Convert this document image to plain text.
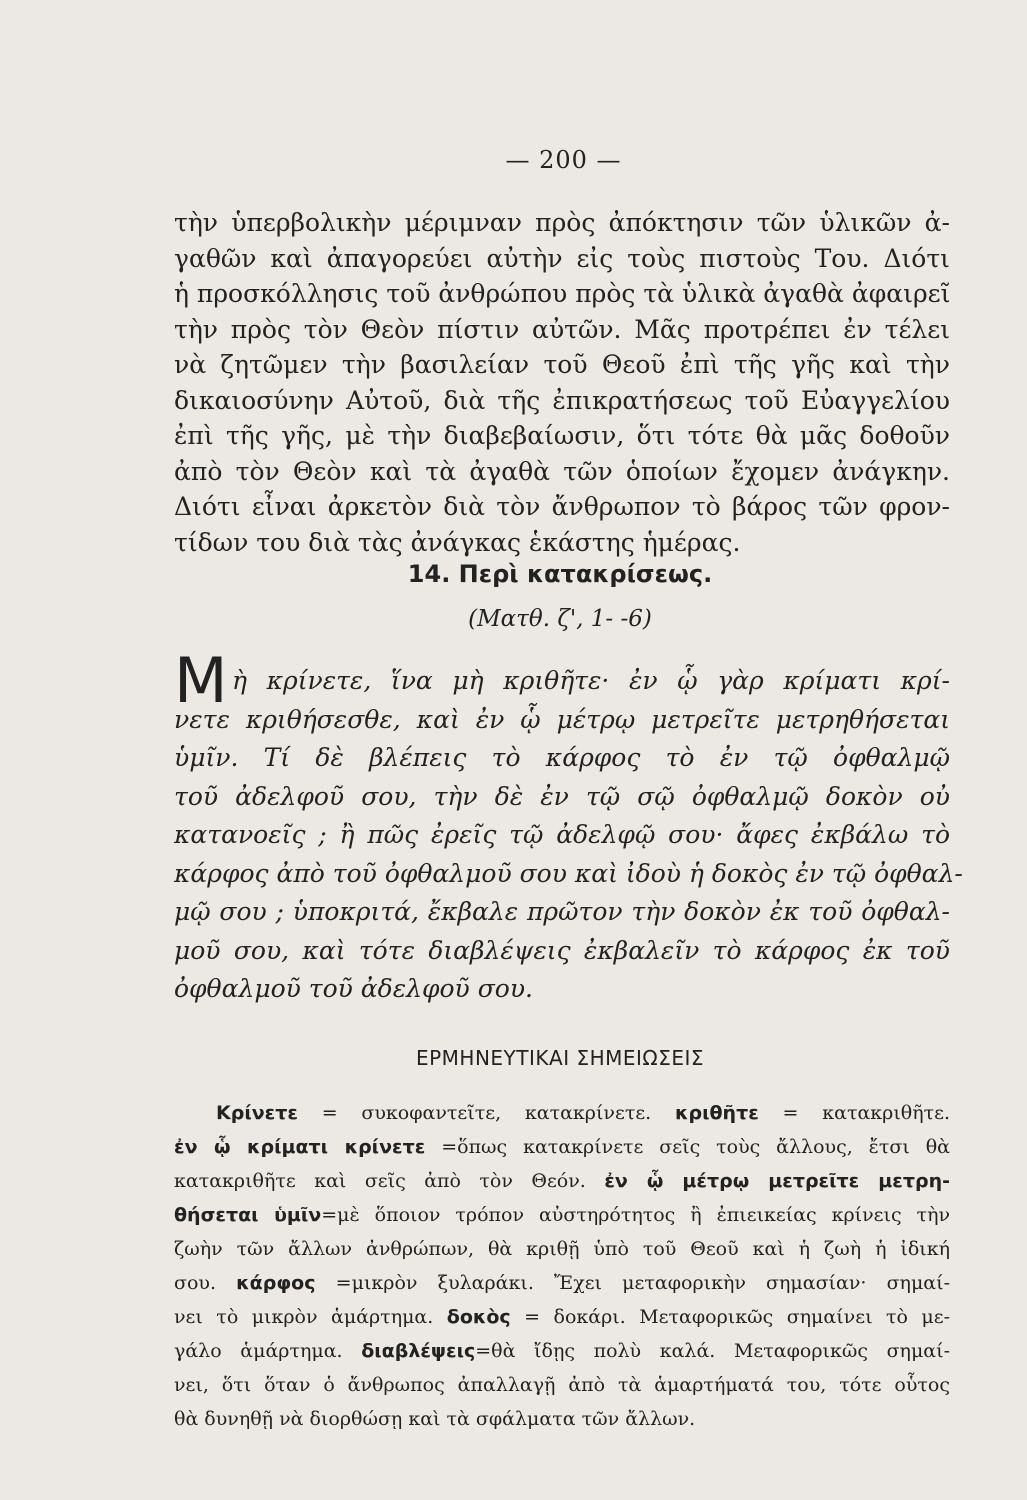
— 200 —
τὴν ὑπερβολικὴν μέριμναν πρὸς ἀπόκτησιν τῶν ὑλικῶν ἀ-
γαθῶν καὶ ἀπαγορεύει αὐτὴν εἰς τοὺς πιστοὺς Του. Διότι
ἡ προσκόλλησις τοῦ ἀνθρώπου πρὸς τὰ ὑλικὰ ἀγαθὰ ἀφαιρεῖ
τὴν πρὸς τὸν Θεὸν πίστιν αὐτῶν. Μᾶς προτρέπει ἐν τέλει
νὰ ζητῶμεν τὴν βασιλείαν τοῦ Θεοῦ ἐπὶ τῆς γῆς καὶ τὴν
δικαιοσύνην Αὐτοῦ, διὰ τῆς ἐπικρατήσεως τοῦ Εὐαγγελίου
ἐπὶ τῆς γῆς, μὲ τὴν διαβεβαίωσιν, ὅτι τότε θὰ μᾶς δοθοῦν
ἀπὸ τὸν Θεὸν καὶ τὰ ἀγαθὰ τῶν ὁποίων ἔχομεν ἀνάγκην.
Διότι εἶναι ἀρκετὸν διὰ τὸν ἄνθρωπον τὸ βάρος τῶν φρον-
τίδων του διὰ τὰς ἀνάγκας ἑκάστης ἡμέρας.
14. Περὶ κατακρίσεως.
(Ματθ. ζ', 1- -6)
Μ ὴ κρίνετε, ἵνα μὴ κριθῆτε· ἐν ᾧ γὰρ κρίματι κρί-
νετε κριθήσεσθε, καὶ ἐν ᾧ μέτρῳ μετρεῖτε μετρηθήσεται
ὑμῖν. Τί δὲ βλέπεις τὸ κάρφος τὸ ἐν τῷ ὀφθαλμῷ
τοῦ ἀδελφοῦ σου, τὴν δὲ ἐν τῷ σῷ ὀφθαλμῷ δοκὸν οὐ
κατανοεῖς ; ἢ πῶς ἐρεῖς τῷ ἀδελφῷ σου· ἄφες ἐκβάλω τὸ
κάρφος ἀπὸ τοῦ ὀφθαλμοῦ σου καὶ ἰδοὺ ἡ δοκὸς ἐν τῷ ὀφθαλ-
μῷ σου ; ὑποκριτά, ἔκβαλε πρῶτον τὴν δοκὸν ἐκ τοῦ ὀφθαλ-
μοῦ σου, καὶ τότε διαβλέψεις ἐκβαλεῖν τὸ κάρφος ἐκ τοῦ
ὀφθαλμοῦ τοῦ ἀδελφοῦ σου.
ΕΡΜΗΝΕΥΤΙΚΑΙ ΣΗΜΕΙΩΣΕΙΣ
Κρίνετε = συκοφαντεῖτε, κατακρίνετε. κριθῆτε = κατακριθῆτε.
ἐν ᾧ κρίματι κρίνετε =ὅπως κατακρίνετε σεῖς τοὺς ἄλλους, ἔτσι θὰ
κατακριθῆτε καὶ σεῖς ἀπὸ τὸν Θεόν. ἐν ᾧ μέτρῳ μετρεῖτε μετρη-
θήσεται ὑμῖν=μὲ ὅποιον τρόπον αὐστηρότητος ἢ ἐπιεικείας κρίνεις τὴν
ζωὴν τῶν ἄλλων ἀνθρώπων, θὰ κριθῇ ὑπὸ τοῦ Θεοῦ καὶ ἡ ζωὴ ἡ ἰδική
σου. κάρφος =μικρὸν ξυλαράκι. Ἔχει μεταφορικὴν σημασίαν· σημαί-
νει τὸ μικρὸν ἁμάρτημα. δοκὸς = δοκάρι. Μεταφορικῶς σημαίνει τὸ με-
γάλο ἁμάρτημα. διαβλέψεις=θὰ ἴδῃς πολὺ καλά. Μεταφορικῶς σημαί-
νει, ὅτι ὅταν ὁ ἄνθρωπος ἀπαλλαγῇ ἀπὸ τὰ ἁμαρτήματά του, τότε οὗτος
θὰ δυνηθῇ νὰ διορθώσῃ καὶ τὰ σφάλματα τῶν ἄλλων.
